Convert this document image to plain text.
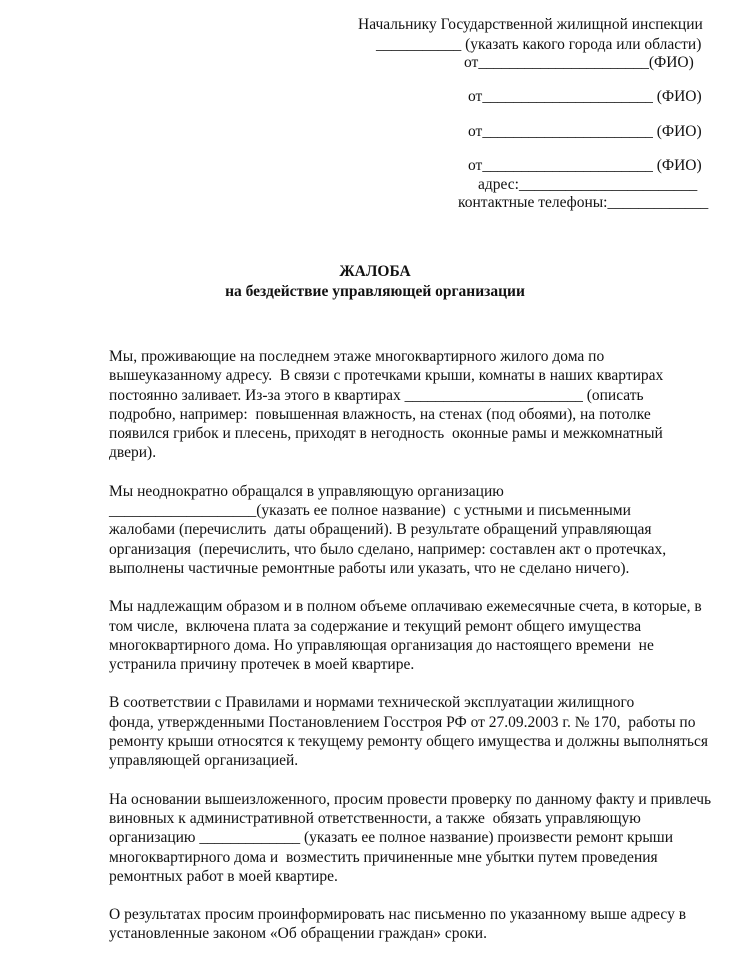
Начальнику Государственной жилищной инспекции
___________ (указать какого города или области)
от______________________(ФИО)
от______________________ (ФИО)
от______________________ (ФИО)
от______________________ (ФИО)
адрес:_______________________
контактные телефоны:_____________
ЖАЛОБА
на бездействие управляющей организации

Мы, проживающие на последнем этаже многоквартирного жилого дома по
вышеуказанному адресу.  В связи с протечками крыши, комнаты в наших квартирах
постоянно заливает. Из-за этого в квартирах _______________________ (описать
подробно, например:  повышенная влажность, на стенах (под обоями), на потолке
появился грибок и плесень, приходят в негодность  оконные рамы и межкомнатный
двери).

Мы неоднократно обращался в управляющую организацию
___________________(указать ее полное название)  с устными и письменными
жалобами (перечислить  даты обращений). В результате обращений управляющая
организация  (перечислить, что было сделано, например: составлен акт о протечках,
выполнены частичные ремонтные работы или указать, что не сделано ничего).

Мы надлежащим образом и в полном объеме оплачиваю ежемесячные счета, в которые, в
том числе,  включена плата за содержание и текущий ремонт общего имущества
многоквартирного дома. Но управляющая организация до настоящего времени  не
устранила причину протечек в моей квартире.

В соответствии с Правилами и нормами технической эксплуатации жилищного
фонда, утвержденными Постановлением Госстроя РФ от 27.09.2003 г. № 170,  работы по
ремонту крыши относятся к текущему ремонту общего имущества и должны выполняться
управляющей организацией.

На основании вышеизложенного, просим провести проверку по данному факту и привлечь
виновных к административной ответственности, а также  обязать управляющую
организацию _____________ (указать ее полное название) произвести ремонт крыши
многоквартирного дома и  возместить причиненные мне убытки путем проведения
ремонтных работ в моей квартире.

О результатах просим проинформировать нас письменно по указанному выше адресу в
установленные законом «Об обращении граждан» сроки.
